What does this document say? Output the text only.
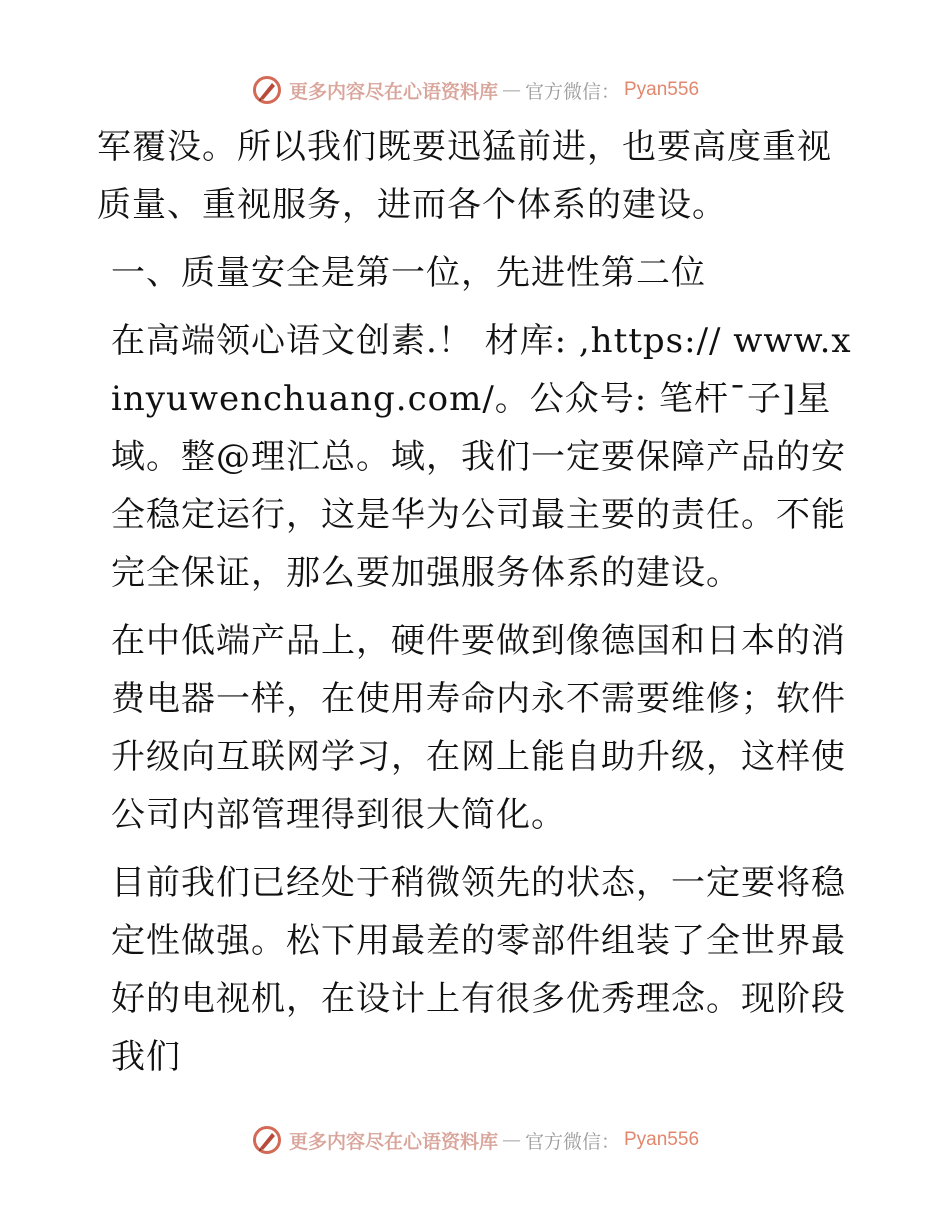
更多内容尽在心语资料库 — 官方微信： Pyan556

军覆没。所以我们既要迅猛前进，也要高度重视质量、重视服务，进而各个体系的建设。

一、质量安全是第一位，先进性第二位

在高端领心语文创素.！ 材库: ,https:// www.xinyuwenchuang.com/。公众号: 笔杆¯子]星域。整@理汇总。域，我们一定要保障产品的安全稳定运行，这是华为公司最主要的责任。不能完全保证，那么要加强服务体系的建设。

在中低端产品上，硬件要做到像德国和日本的消费电器一样，在使用寿命内永不需要维修；软件升级向互联网学习，在网上能自助升级，这样使公司内部管理得到很大简化。

目前我们已经处于稍微领先的状态，一定要将稳定性做强。松下用最差的零部件组装了全世界最好的电视机，在设计上有很多优秀理念。现阶段我们

更多内容尽在心语资料库 — 官方微信： Pyan556
